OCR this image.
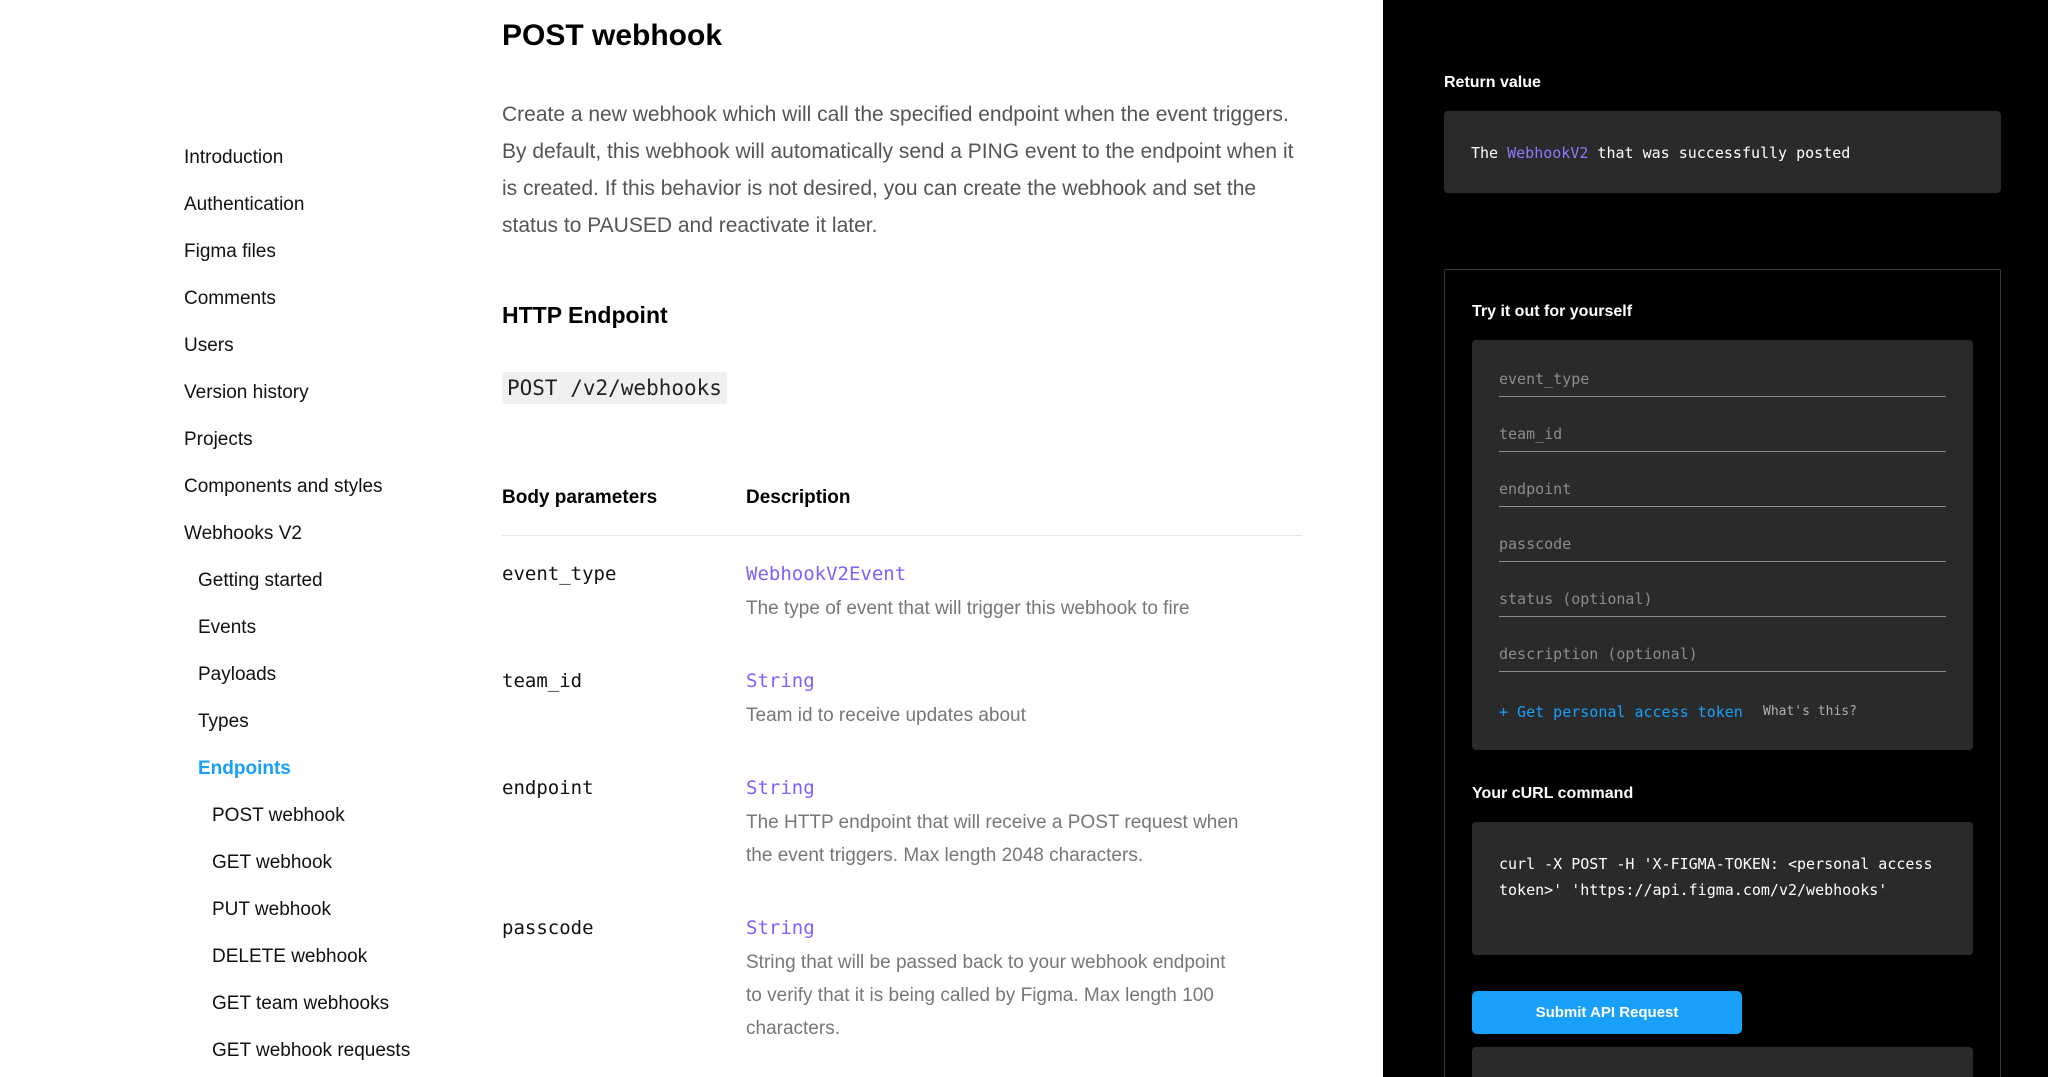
Introduction
Authentication
Figma files
Comments
Users
Version history
Projects
Components and styles
Webhooks V2
Getting started
Events
Payloads
Types
Endpoints
POST webhook
GET webhook
PUT webhook
DELETE webhook
GET team webhooks
GET webhook requests
POST webhook

Create a new webhook which will call the specified endpoint when the event triggers. By default, this webhook will automatically send a PING event to the endpoint when it is created. If this behavior is not desired, you can create the webhook and set the status to PAUSED and reactivate it later.

HTTP Endpoint
POST /v2/webhooks
Body parameters	Description
event_type	WebhookV2Event
The type of event that will trigger this webhook to fire
team_id	String
Team id to receive updates about
endpoint	String
The HTTP endpoint that will receive a POST request when the event triggers. Max length 2048 characters.
passcode	String
String that will be passed back to your webhook endpoint to verify that it is being called by Figma. Max length 100 characters.
Return value
The WebhookV2 that was successfully posted
Try it out for yourself
event_type
team_id
endpoint
passcode
status (optional)
description (optional)
+ Get personal access token What's this?
Your cURL command
curl -X POST -H 'X-FIGMA-TOKEN: <personal access token>' 'https://api.figma.com/v2/webhooks'
Submit API Request
